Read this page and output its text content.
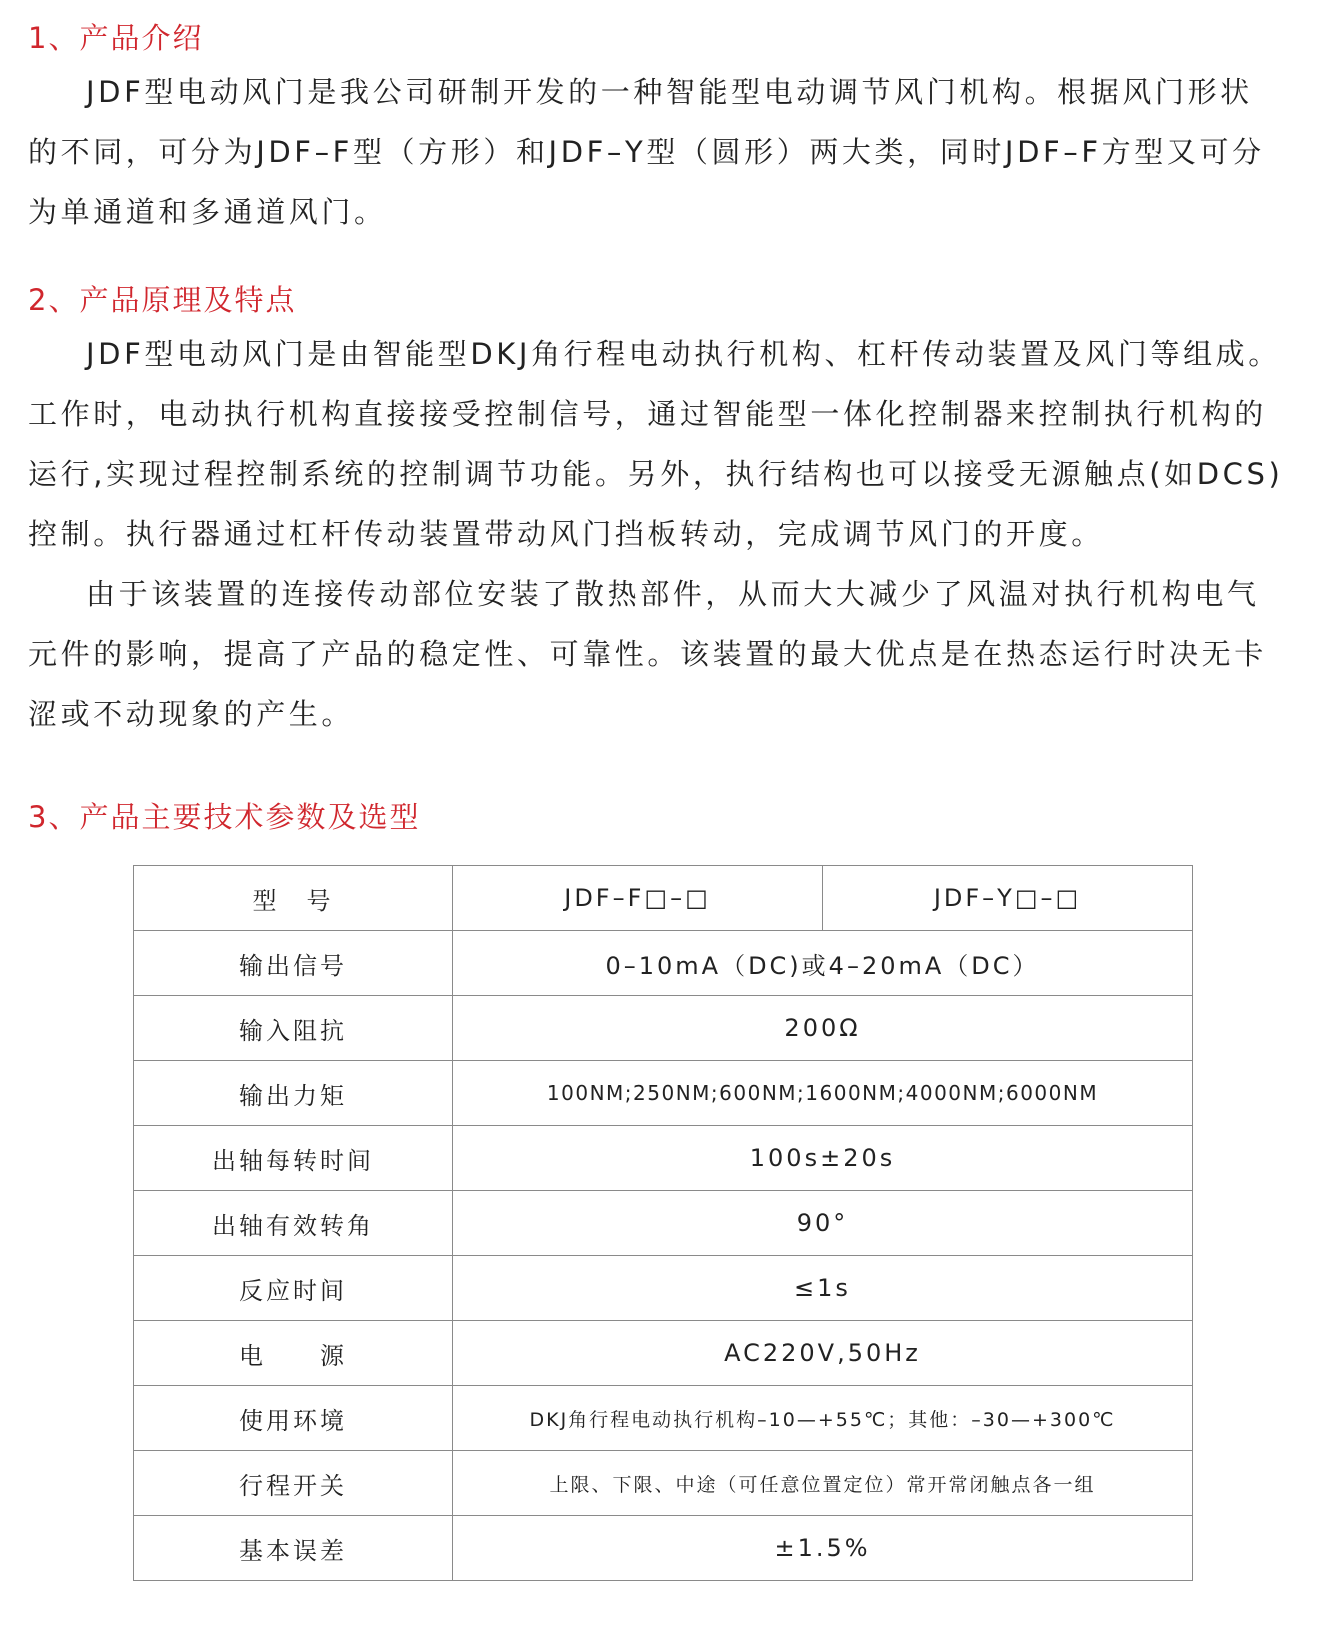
1、产品介绍
JDF型电动风门是我公司研制开发的一种智能型电动调节风门机构。根据风门形状
的不同，可分为JDF–F型（方形）和JDF–Y型（圆形）两大类，同时JDF–F方型又可分
为单通道和多通道风门。
2、产品原理及特点
JDF型电动风门是由智能型DKJ角行程电动执行机构、杠杆传动装置及风门等组成。
工作时，电动执行机构直接接受控制信号，通过智能型一体化控制器来控制执行机构的
运行,实现过程控制系统的控制调节功能。另外，执行结构也可以接受无源触点(如DCS)
控制。执行器通过杠杆传动装置带动风门挡板转动，完成调节风门的开度。
由于该装置的连接传动部位安装了散热部件，从而大大减少了风温对执行机构电气
元件的影响，提高了产品的稳定性、可靠性。该装置的最大优点是在热态运行时决无卡
涩或不动现象的产生。
3、产品主要技术参数及选型
型　号	JDF–F□–□	JDF–Y□–□
输出信号	0–10mA（DC)或4–20mA（DC）	
输入阻抗	200Ω	
输出力矩	100NM;250NM;600NM;1600NM;4000NM;6000NM	
出轴每转时间	100s±20s	
出轴有效转角	90°	
反应时间	≤1s	
电　　源	AC220V,50Hz	
使用环境	DKJ角行程电动执行机构–10—+55℃；其他：–30—+300℃	
行程开关	上限、下限、中途（可任意位置定位）常开常闭触点各一组	
基本误差	±1.5%	
